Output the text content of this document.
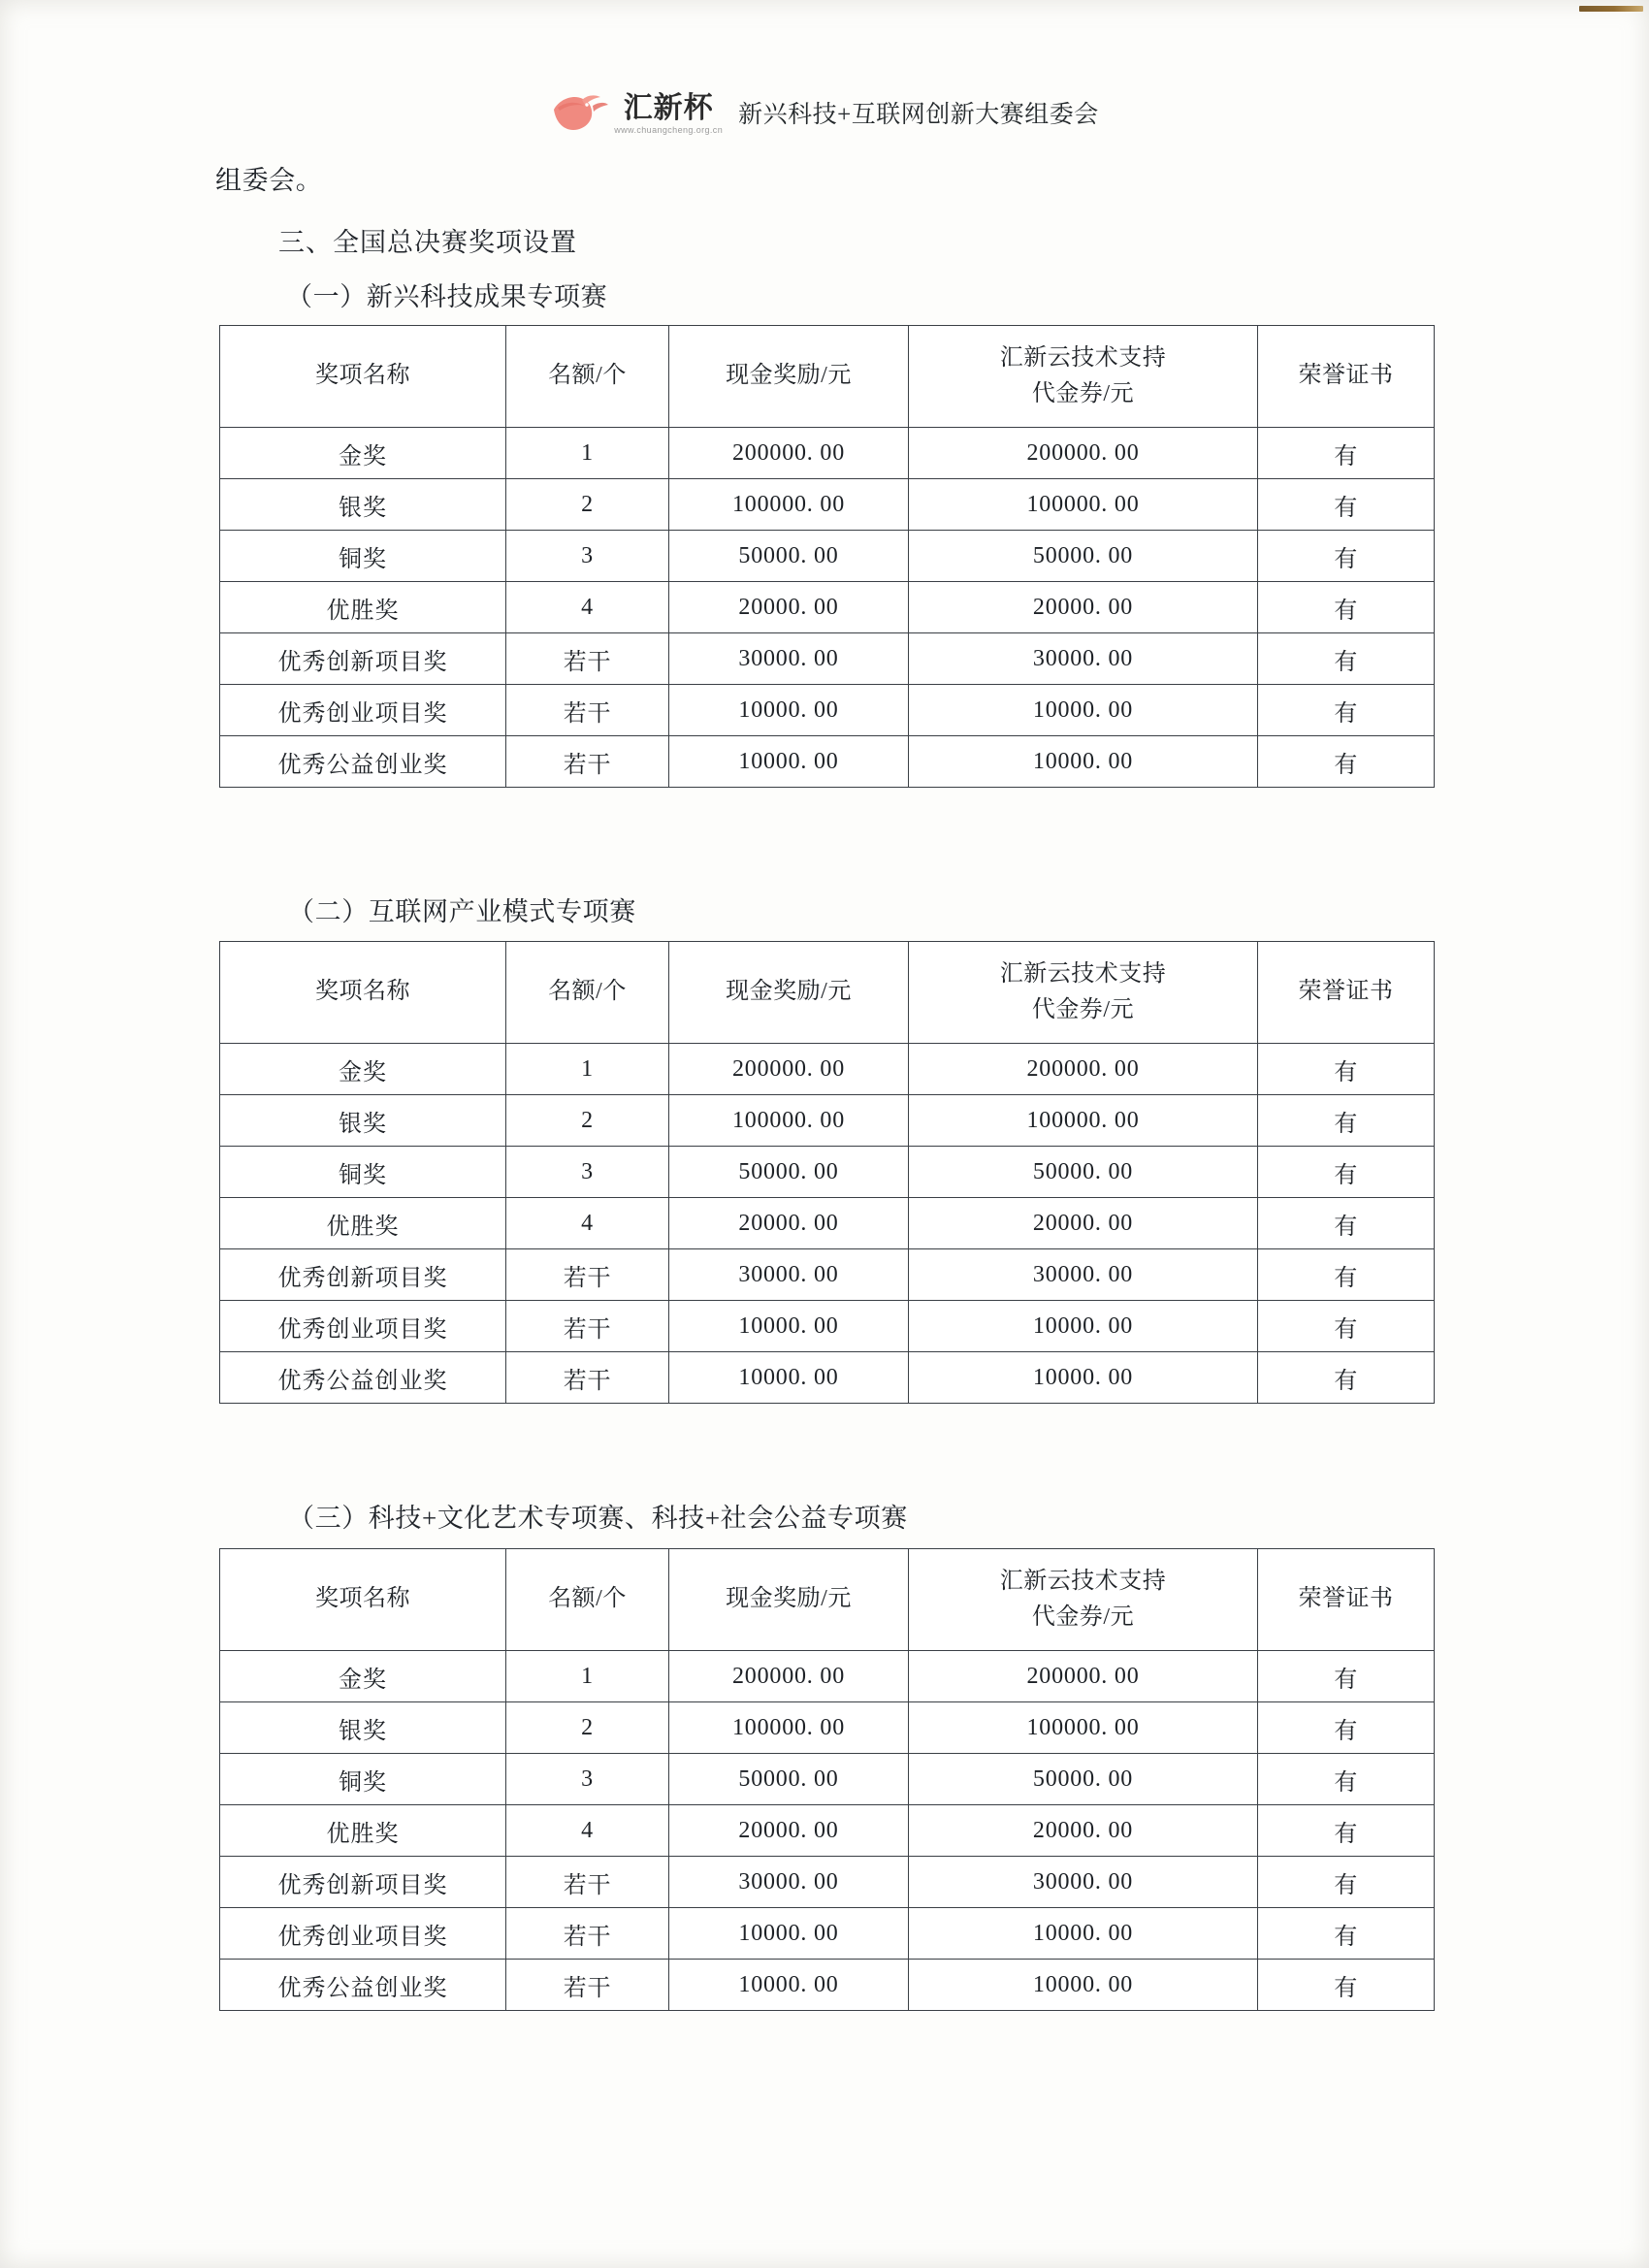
汇新杯
www.chuangcheng.org.cn
新兴科技+互联网创新大赛组委会
组委会。
三、全国总决赛奖项设置
（一）新兴科技成果专项赛
奖项名称	名额/个	现金奖励/元	汇新云技术支持
代金券/元	荣誉证书
金奖	1	200000. 00	200000. 00	有
银奖	2	100000. 00	100000. 00	有
铜奖	3	50000. 00	50000. 00	有
优胜奖	4	20000. 00	20000. 00	有
优秀创新项目奖	若干	30000. 00	30000. 00	有
优秀创业项目奖	若干	10000. 00	10000. 00	有
优秀公益创业奖	若干	10000. 00	10000. 00	有
（二）互联网产业模式专项赛
奖项名称	名额/个	现金奖励/元	汇新云技术支持
代金券/元	荣誉证书
金奖	1	200000. 00	200000. 00	有
银奖	2	100000. 00	100000. 00	有
铜奖	3	50000. 00	50000. 00	有
优胜奖	4	20000. 00	20000. 00	有
优秀创新项目奖	若干	30000. 00	30000. 00	有
优秀创业项目奖	若干	10000. 00	10000. 00	有
优秀公益创业奖	若干	10000. 00	10000. 00	有
（三）科技+文化艺术专项赛、科技+社会公益专项赛
奖项名称	名额/个	现金奖励/元	汇新云技术支持
代金券/元	荣誉证书
金奖	1	200000. 00	200000. 00	有
银奖	2	100000. 00	100000. 00	有
铜奖	3	50000. 00	50000. 00	有
优胜奖	4	20000. 00	20000. 00	有
优秀创新项目奖	若干	30000. 00	30000. 00	有
优秀创业项目奖	若干	10000. 00	10000. 00	有
优秀公益创业奖	若干	10000. 00	10000. 00	有
